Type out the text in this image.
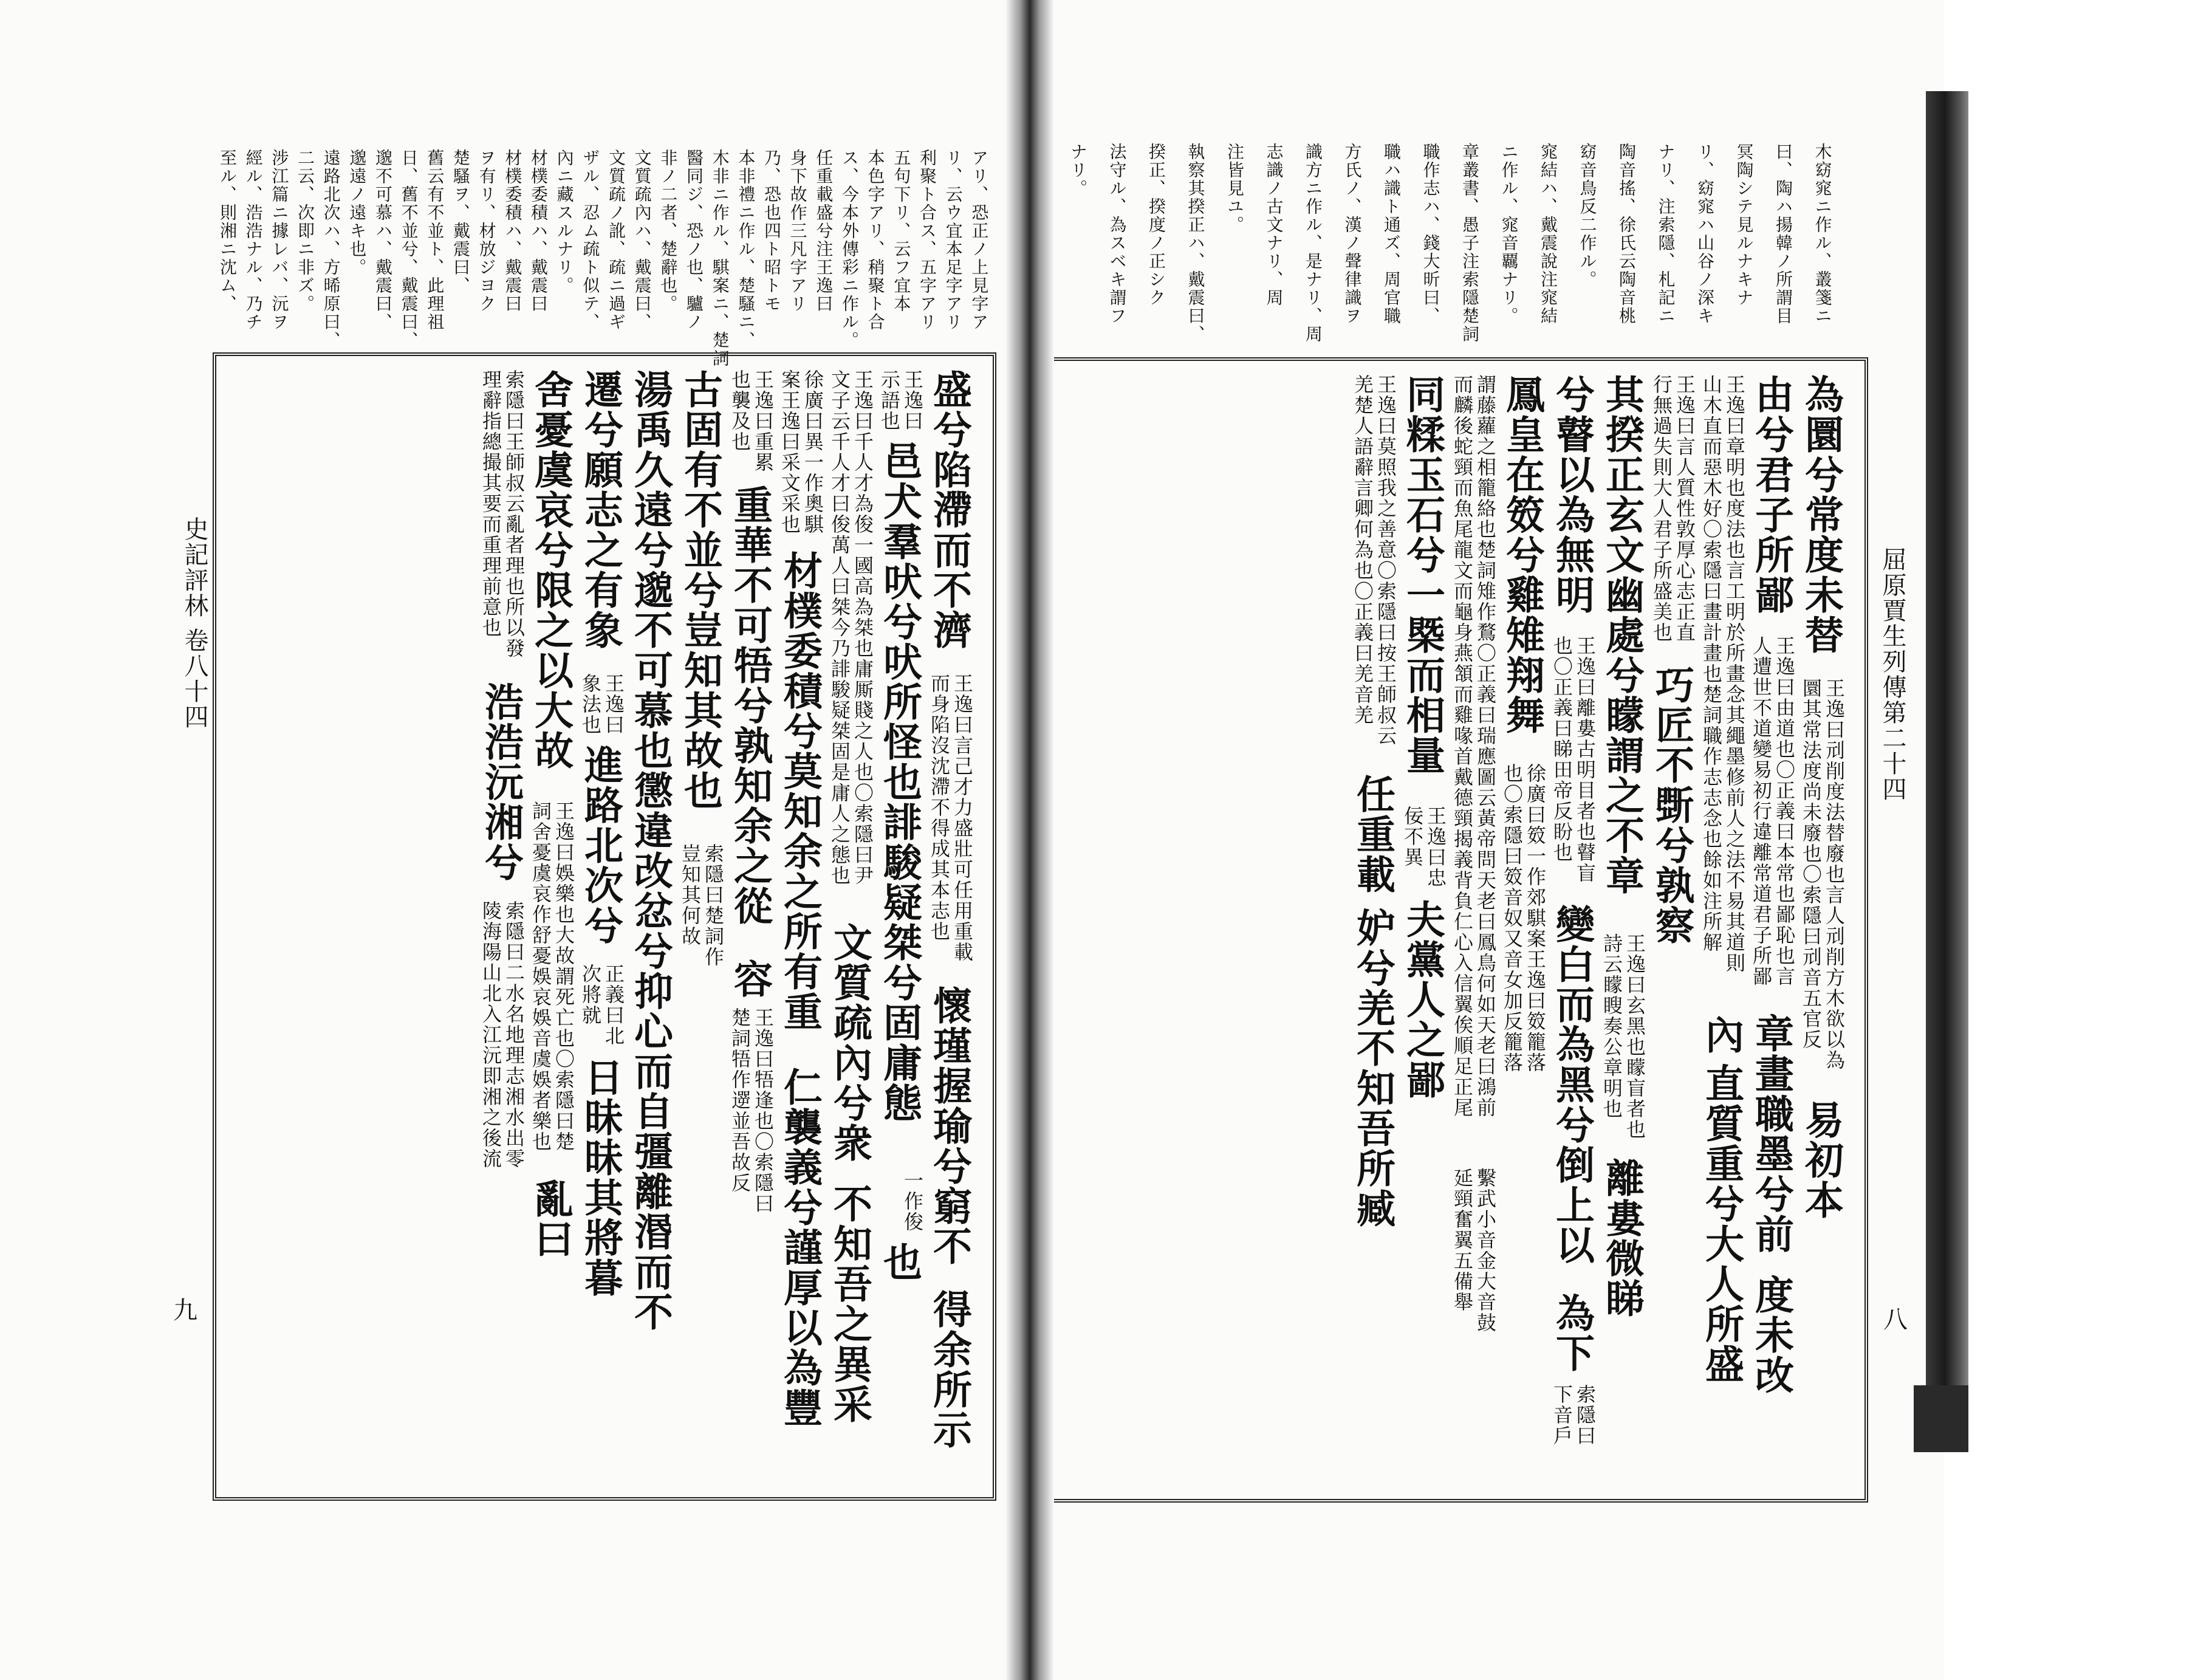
屈原賈生列傳第二十四
八
木窈窕ニ作ル、叢箋ニ
曰、陶ハ揚韓ノ所謂目
冥陶シテ見ルナキナ
リ、窈窕ハ山谷ノ深キ
ナリ、注索隱、札記ニ
陶音搖、徐氏云陶音桃
窈音鳥反二作ル。
窕結ハ、戴震說注窕結
ニ作ル、窕音覊ナリ。
章叢書、愚子注索隱楚詞
職作志ハ、錢大昕曰、
職ハ識ト通ズ、周官職
方氏ノ、漢ノ聲律識ヲ
識方ニ作ル、是ナリ、周
志識ノ古文ナリ、周
注皆見ユ。
執察其揆正ハ、戴震曰、
揆正、揆度ノ正シク
法守ル、為スベキ謂フ
ナリ。
為圜兮常度未替
王逸曰刓削度法替廢也言人刓削方木欲以為
圜其常法度尚未廢也〇索隱曰刓音五官反
易初本
由兮君子所鄙
王逸曰由道也〇正義曰本常也鄙恥也言
人遭世不道變易初行違離常道君子所鄙
章畫職墨兮前
度未改
王逸曰章明也度法也言工明於所畫念其繩墨修前人之法不易其道則
山木直而惡木好〇索隱曰畫計畫也楚詞職作志志念也餘如注所解
內
直質重兮大人所盛
王逸曰言人質性敦厚心志正直
行無過失則大人君子所盛美也
巧匠不斲兮孰察
其揆正玄文幽處兮矇謂之不章
王逸曰玄黑也矇盲者也
詩云矇瞍奏公章明也
離婁微睇
兮瞽以為無明
王逸曰離婁古明目者也瞽盲
也〇正義曰睇田帝反盼也
變白而為黑兮倒上以
為下
索隱曰
下音戶
鳳皇在笯兮雞雉翔舞
徐廣曰笯一作郊騏案王逸曰笯籠落
也〇索隱曰笯音奴又音女加反籠落
謂藤蘿之相籠絡也楚詞雉作鶩〇正義曰瑞應圖云黃帝問天老曰鳳鳥何如天老曰鴻前
而麟後蛇頸而魚尾龍文而龜身燕頷而雞喙首戴德頸揭義背負仁心入信翼俟順足正尾
繫武小音金大音鼓
延頸奮翼五備舉
同糅玉石兮一槩而相量
王逸曰忠
佞不異
夫黨人之鄙
王逸曰莫照我之善意〇索隱曰按王師叔云
羌楚人語辭言卿何為也〇正義曰羌音羌
任重載
妒兮羌不知吾所臧
史記評林 卷八十四
九
アリ、恐正ノ上見字ア
リ、云ウ宜本足字アリ
利聚ト合ス、五字アリ
五句下リ、云フ宜本
本色字アリ、稍聚ト合
ス、今本外傳彩ニ作ル。
任重載盛兮注王逸曰
身下故作三凡字アリ
乃、恐也四ト昭トモ
本非禮ニ作ル、楚騷ニ、
木非ニ作ル、騏案ニ、楚詞
醫同ジ、恐ノ也、驢ノ
非ノ二者、楚辭也。
文質疏內ハ、戴震曰、
文質疏ノ訛、疏ニ過ギ
ザル、忍ム疏ト似テ、
內ニ藏スルナリ。
材樸委積ハ、戴震曰
材樸委積ハ、戴震曰
ヲ有リ、材放ジヨク
楚騷ヲ、戴震曰、
舊云有不並ト、此理祖
日、舊不並兮、戴震曰、
邈不可慕ハ、戴震曰、
邈遠ノ遠キ也。
遠路北次ハ、方晞原曰、
二云、次即ニ非ズ。
涉江篇ニ據レバ、沅ヲ
經ル、浩浩ナル、乃チ
至ル、則湘ニ沈ム、
盛兮陷滯而不濟
王逸曰言己才力盛壯可任用重載
而身陷沒沈滯不得成其本志也
懷瑾握瑜兮窮不
得余所示
王逸曰
示語也
邑犬羣吠兮吠所怪也誹駿疑桀兮固庸態
一作俊
也
王逸曰千人才為俊一國高為桀也庸厮賤之人也〇索隱曰尹
文子云千人才曰俊萬人曰桀今乃誹駿疑桀固是庸人之態也
文質疏內兮衆
不知吾之異采
徐廣曰異一作奧騏
案王逸曰采文采也
材樸委積兮莫知余之所有重
仁襲義兮謹厚以為豐
王逸曰重累
也襲及也
重華不可牾兮孰知余之從
容
王逸曰牾逢也〇索隱曰
楚詞牾作遻並吾故反
古固有不並兮豈知其故也
索隱曰楚詞作
豈知其何故
湯禹久遠兮邈不可慕也懲違改忿兮抑心而自彊離湣而不
遷兮願志之有象
王逸曰
象法也
進路北次兮
正義曰北
次將就
日昧昧其將暮
舍憂虞哀兮限之以大故
王逸曰娛樂也大故謂死亡也〇索隱曰楚
詞舍憂虞哀作舒憂娛哀娛音虞娛者樂也
亂曰
索隱曰王師叔云亂者理也所以發
理辭指總撮其要而重理前意也
浩浩沅湘兮
索隱曰二水名地理志湘水出零
陵海陽山北入江沅即湘之後流
